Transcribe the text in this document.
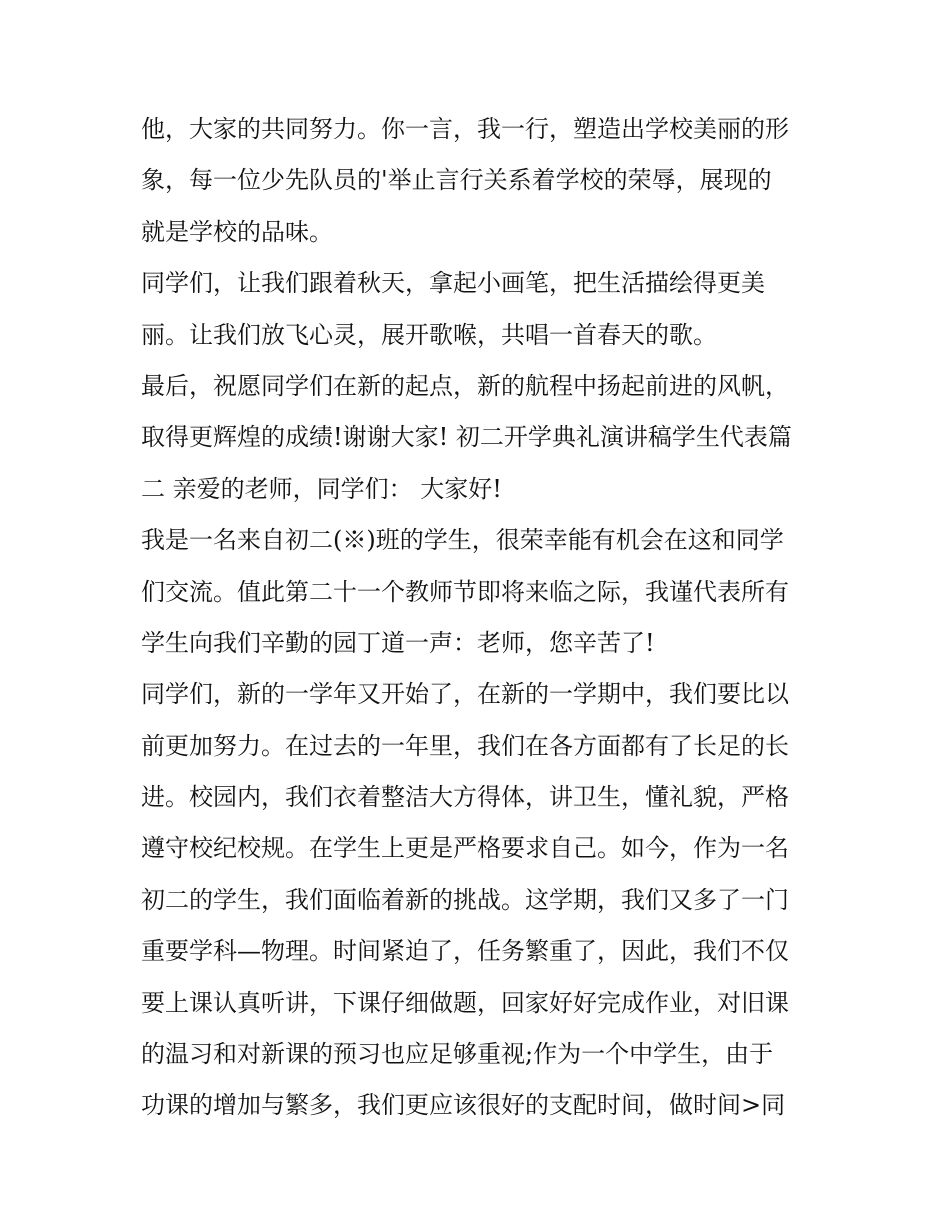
他，大家的共同努力。你一言，我一行，塑造出学校美丽的形
象，每一位少先队员的'举止言行关系着学校的荣辱，展现的
就是学校的品味。
同学们，让我们跟着秋天，拿起小画笔，把生活描绘得更美
丽。让我们放飞心灵，展开歌喉，共唱一首春天的歌。
最后，祝愿同学们在新的起点，新的航程中扬起前进的风帆，
取得更辉煌的成绩!谢谢大家! 初二开学典礼演讲稿学生代表篇
二 亲爱的老师，同学们： 大家好!
我是一名来自初二(※)班的学生，很荣幸能有机会在这和同学
们交流。值此第二十一个教师节即将来临之际，我谨代表所有
学生向我们辛勤的园丁道一声：老师，您辛苦了!
同学们，新的一学年又开始了，在新的一学期中，我们要比以
前更加努力。在过去的一年里，我们在各方面都有了长足的长
进。校园内，我们衣着整洁大方得体，讲卫生，懂礼貌，严格
遵守校纪校规。在学生上更是严格要求自己。如今，作为一名
初二的学生，我们面临着新的挑战。这学期，我们又多了一门
重要学科—物理。时间紧迫了，任务繁重了，因此，我们不仅
要上课认真听讲，下课仔细做题，回家好好完成作业，对旧课
的温习和对新课的预习也应足够重视;作为一个中学生，由于
功课的增加与繁多，我们更应该很好的支配时间，做时间>同
